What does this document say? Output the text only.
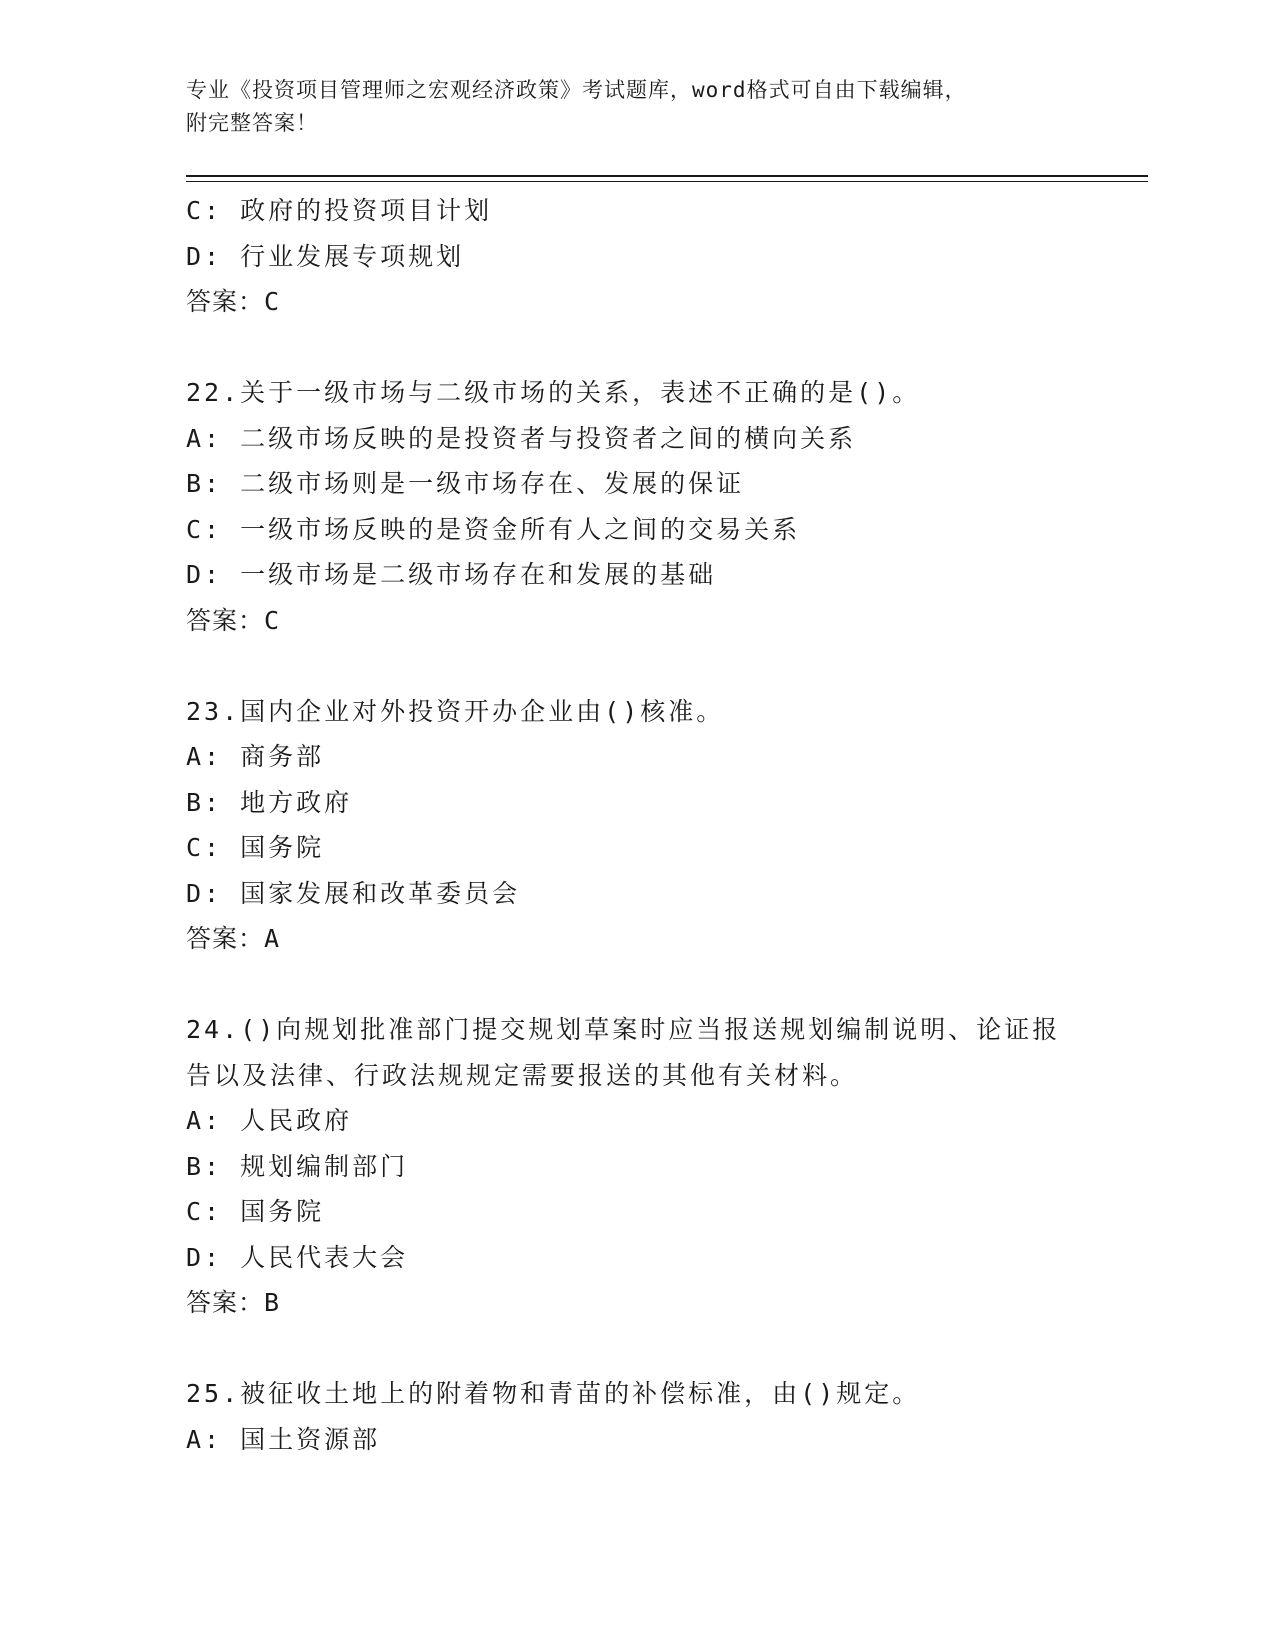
专业《投资项目管理师之宏观经济政策》考试题库，word格式可自由下载编辑，
附完整答案！
C: 政府的投资项目计划
D: 行业发展专项规划
答案：C
22.关于一级市场与二级市场的关系，表述不正确的是()。
A: 二级市场反映的是投资者与投资者之间的横向关系
B: 二级市场则是一级市场存在、发展的保证
C: 一级市场反映的是资金所有人之间的交易关系
D: 一级市场是二级市场存在和发展的基础
答案：C
23.国内企业对外投资开办企业由()核准。
A: 商务部
B: 地方政府
C: 国务院
D: 国家发展和改革委员会
答案：A
24.()向规划批准部门提交规划草案时应当报送规划编制说明、论证报
告以及法律、行政法规规定需要报送的其他有关材料。
A: 人民政府
B: 规划编制部门
C: 国务院
D: 人民代表大会
答案：B
25.被征收土地上的附着物和青苗的补偿标准，由()规定。
A: 国土资源部
